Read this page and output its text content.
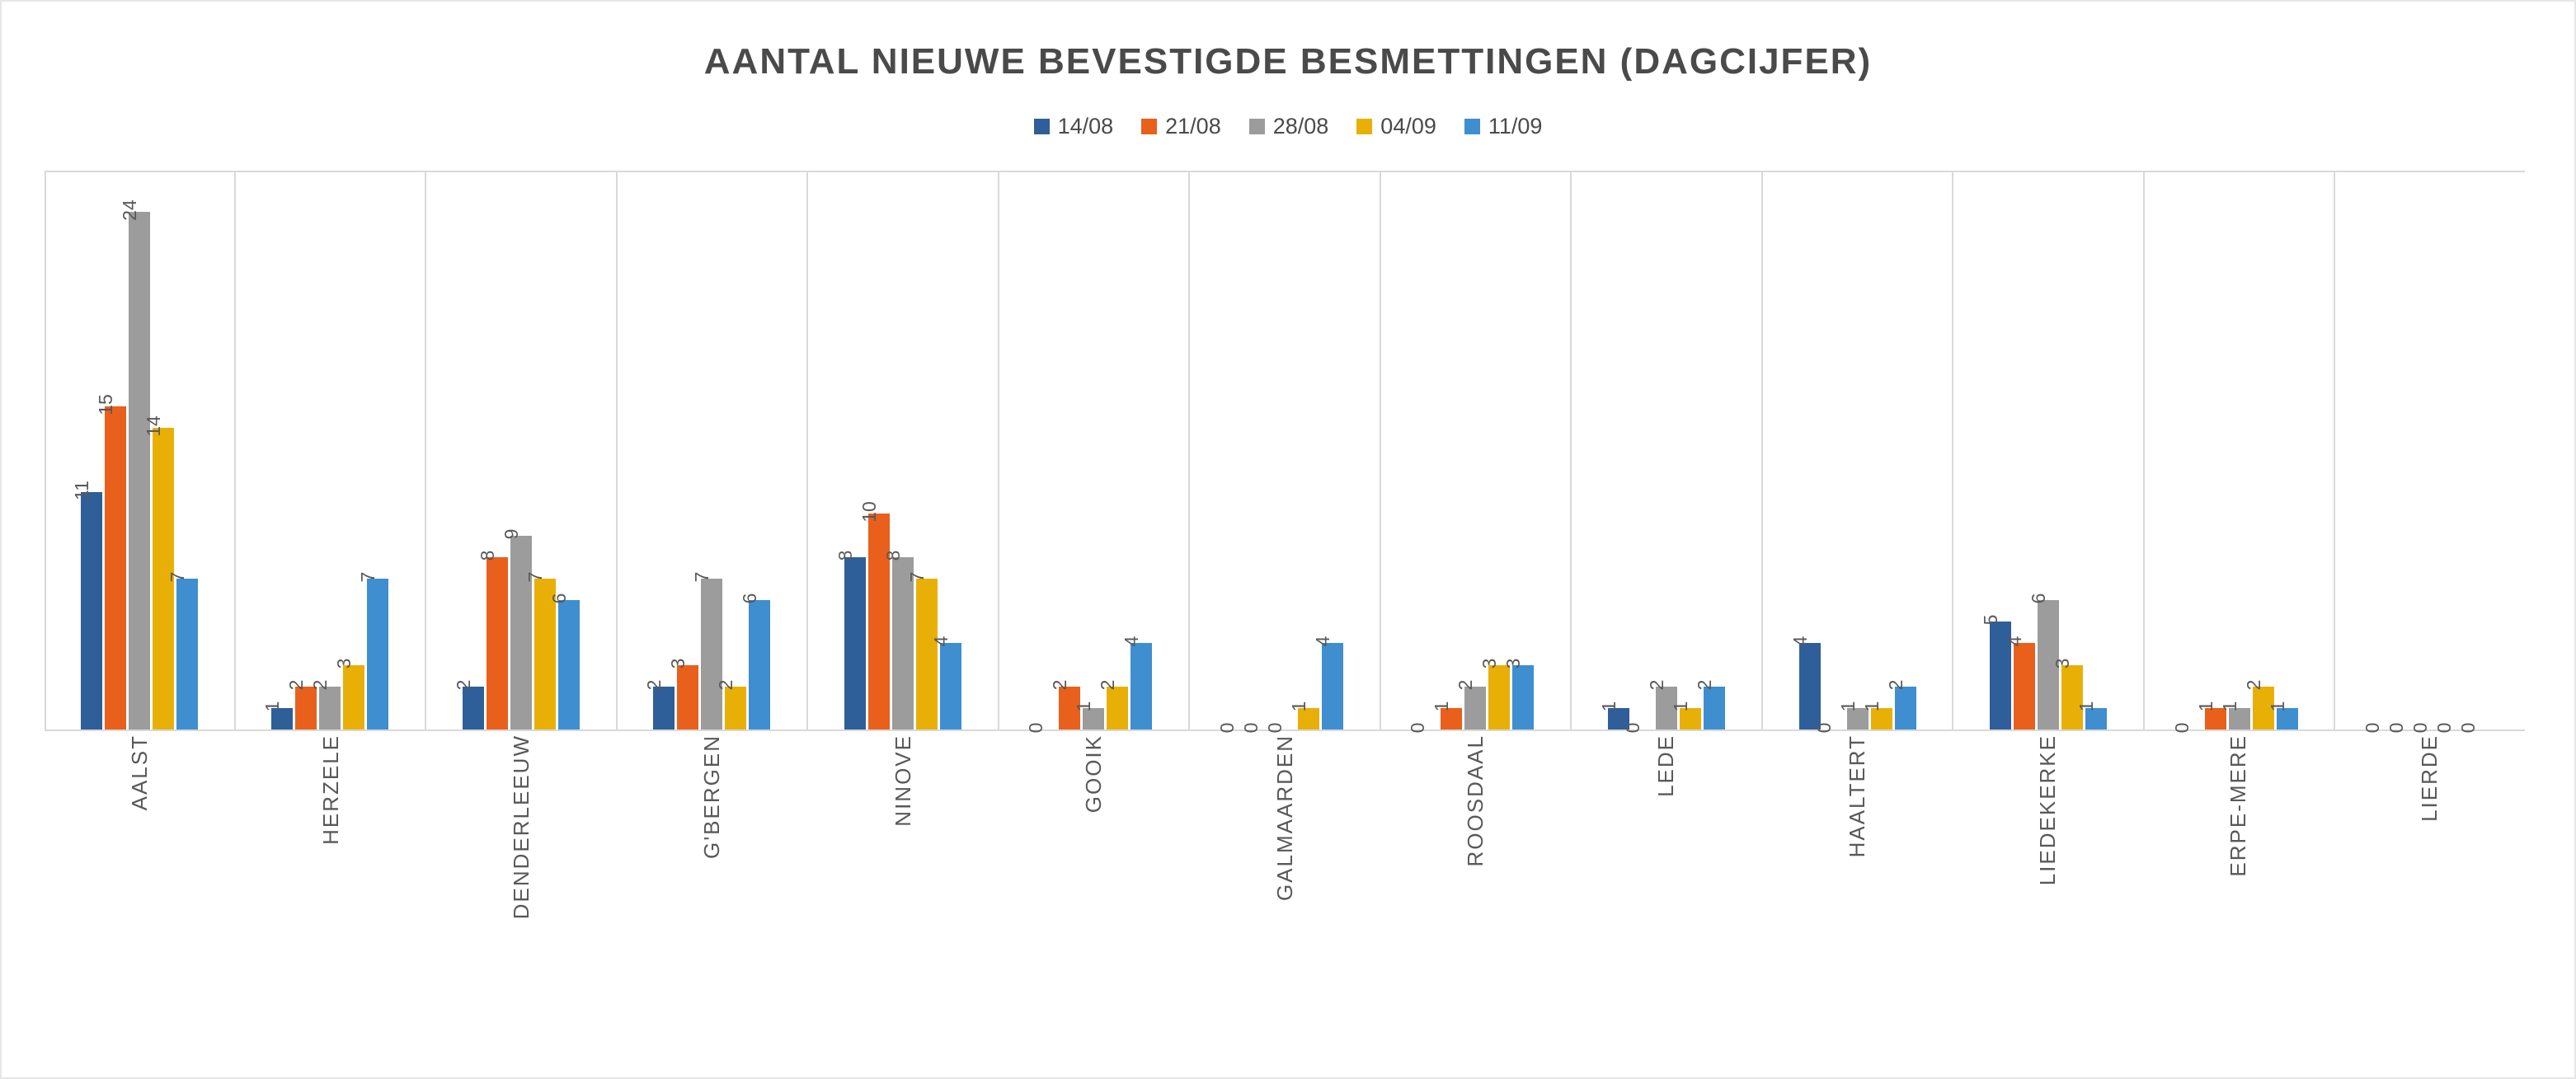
AANTAL NIEUWE BEVESTIGDE BESMETTINGEN (DAGCIJFER)
14/08 21/08 28/08 04/09 11/09
11
15
24
14
7
1
2 2
3
7
2
8
9
7
6
2
3
7
2
6
8
10
8
7
4
0
2
1
2
4
0 0 0
1
4
0
1
2
3 3
1
0
2
1
2
4
0
1 1
2
5
4
6
3
1
0
1 1
2
1
0 0 0 0 0
AALST	HERZELE	DENDERLEEUW	G'BERGEN	NINOVE	GOOIK	GALMAARDEN	ROOSDAAL	LEDE	HAALTERT	LIEDEKERKE	ERPE-MERE	LIERDE
